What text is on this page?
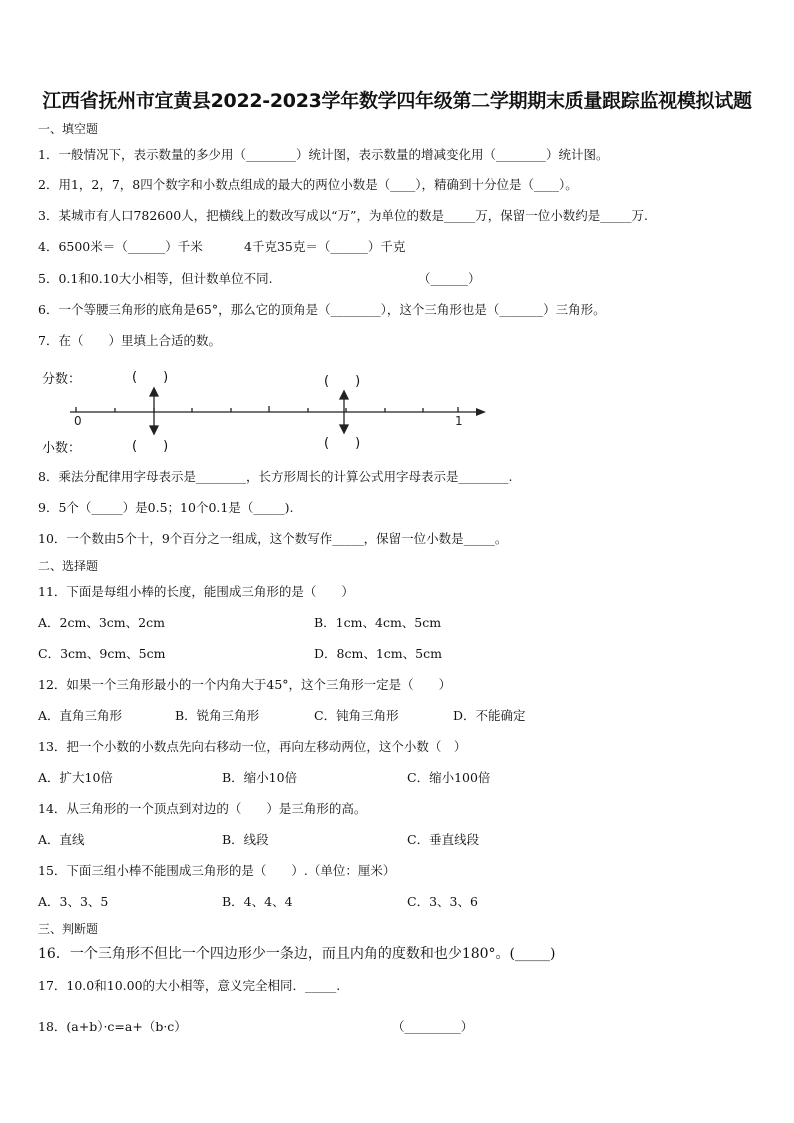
江西省抚州市宜黄县2022-2023学年数学四年级第二学期期末质量跟踪监视模拟试题
一、填空题
1．一般情况下，表示数量的多少用（________）统计图，表示数量的增减变化用（________）统计图。
2．用1，2，7，8四个数字和小数点组成的最大的两位小数是（____），精确到十分位是（____）。
3．某城市有人口782600人，把横线上的数改写成以“万”，为单位的数是_____万，保留一位小数约是_____万.
4．6500米＝（______）千米	4千克35克＝（______）千克
5．0.1和0.10大小相等，但计数单位不同.	（______）
6．一个等腰三角形的底角是65°，那么它的顶角是（________），这个三角形也是（_______）三角形。
7．在（　　）里填上合适的数。
分数：	(　　)	(　　)
小数：	(　　)	(　　)
0	1
8．乘法分配律用字母表示是________，长方形周长的计算公式用字母表示是________.
9．5个（_____）是0.5；10个0.1是（_____).
10．一个数由5个十，9个百分之一组成，这个数写作_____，保留一位小数是_____。
二、选择题
11．下面是每组小棒的长度，能围成三角形的是（　　）
A．2cm、3cm、2cm	B．1cm、4cm、5cm
C．3cm、9cm、5cm	D．8cm、1cm、5cm
12．如果一个三角形最小的一个内角大于45°，这个三角形一定是（　　）
A．直角三角形	B．锐角三角形	C．钝角三角形	D．不能确定
13．把一个小数的小数点先向右移动一位，再向左移动两位，这个小数（　）
A．扩大10倍	B．缩小10倍	C．缩小100倍
14．从三角形的一个顶点到对边的（　　）是三角形的高。
A．直线	B．线段	C．垂直线段
15．下面三组小棒不能围成三角形的是（　　）.（单位：厘米）
A．3、3、5	B．4、4、4	C．3、3、6
三、判断题
16．一个三角形不但比一个四边形少一条边，而且内角的度数和也少180°。(_____)
17．10.0和10.00的大小相等，意义完全相同．_____.
18．(a+b）·c=a+（b·c）	（_________）
